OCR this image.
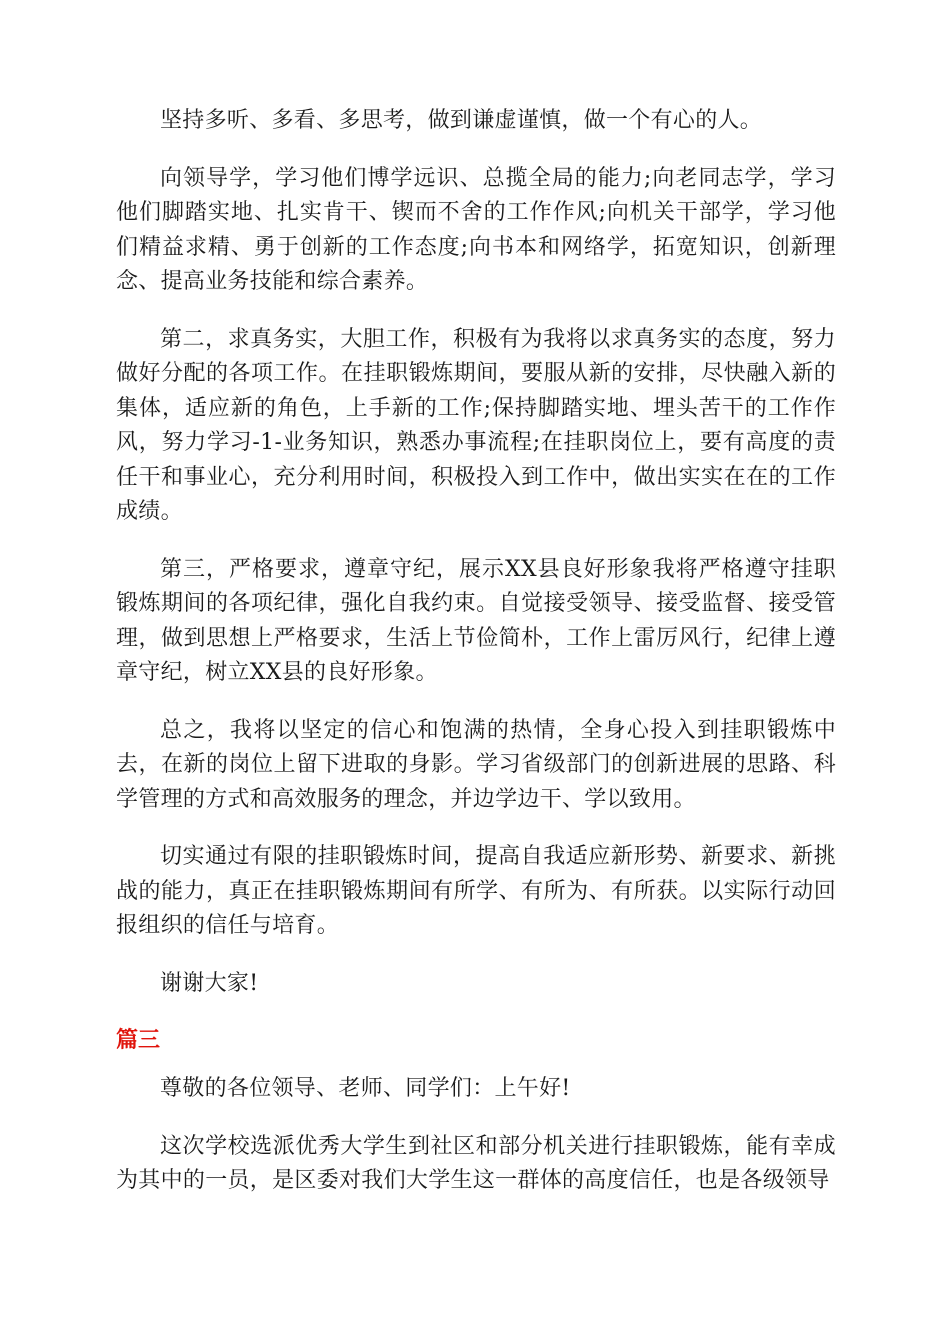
坚持多听、多看、多思考，做到谦虚谨慎，做一个有心的人。

向领导学，学习他们博学远识、总揽全局的能力;向老同志学，学习他们脚踏实地、扎实肯干、锲而不舍的工作作风;向机关干部学，学习他们精益求精、勇于创新的工作态度;向书本和网络学，拓宽知识，创新理念、提高业务技能和综合素养。

第二，求真务实，大胆工作，积极有为我将以求真务实的态度，努力做好分配的各项工作。在挂职锻炼期间，要服从新的安排，尽快融入新的集体，适应新的角色，上手新的工作;保持脚踏实地、埋头苦干的工作作风，努力学习-1-业务知识，熟悉办事流程;在挂职岗位上，要有高度的责任干和事业心，充分利用时间，积极投入到工作中，做出实实在在的工作成绩。

第三，严格要求，遵章守纪，展示XX县良好形象我将严格遵守挂职锻炼期间的各项纪律，强化自我约束。自觉接受领导、接受监督、接受管理，做到思想上严格要求，生活上节俭简朴，工作上雷厉风行，纪律上遵章守纪，树立XX县的良好形象。

总之，我将以坚定的信心和饱满的热情，全身心投入到挂职锻炼中去，在新的岗位上留下进取的身影。学习省级部门的创新进展的思路、科学管理的方式和高效服务的理念，并边学边干、学以致用。

切实通过有限的挂职锻炼时间，提高自我适应新形势、新要求、新挑战的能力，真正在挂职锻炼期间有所学、有所为、有所获。以实际行动回报组织的信任与培育。

谢谢大家!

篇三

尊敬的各位领导、老师、同学们：上午好!

这次学校选派优秀大学生到社区和部分机关进行挂职锻炼，能有幸成为其中的一员，是区委对我们大学生这一群体的高度信任，也是各级领导
